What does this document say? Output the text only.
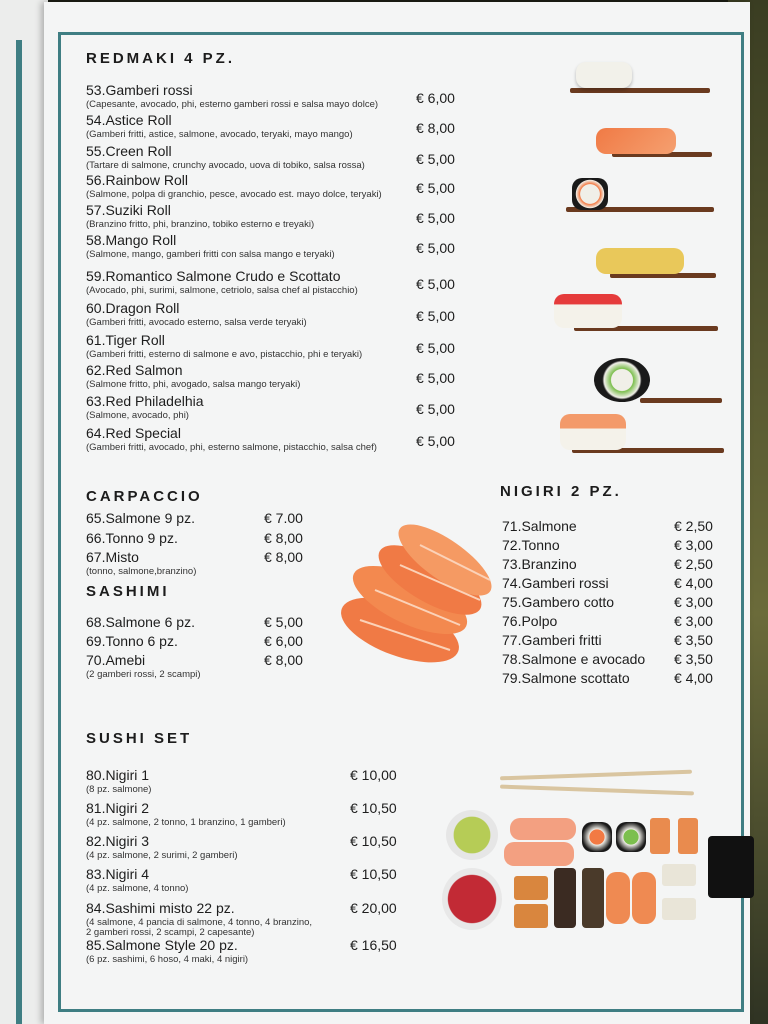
REDMAKI 4 PZ.
53.Gamberi rossi
(Capesante, avocado, phi, esterno gamberi rossi e salsa mayo dolce)	€ 6,00
54.Astice Roll
(Gamberi fritti, astice, salmone, avocado, teryaki, mayo mango)	€ 8,00
55.Creen Roll
(Tartare di salmone, crunchy avocado, uova di tobiko, salsa rossa)	€ 5,00
56.Rainbow Roll
(Salmone, polpa di granchio, pesce, avocado est. mayo dolce, teryaki) € 5,00
57.Suziki Roll
(Branzino fritto, phi, branzino, tobiko esterno e treyaki)	€ 5,00
58.Mango Roll
(Salmone, mango, gamberi fritti con salsa mango e teryaki)	€ 5,00
59.Romantico Salmone Crudo e Scottato
(Avocado, phi, surimi, salmone, cetriolo, salsa chef al pistacchio)	€ 5,00
60.Dragon Roll
(Gamberi fritti, avocado esterno, salsa verde teryaki)	€ 5,00
61.Tiger Roll
(Gamberi fritti, esterno di salmone e avo, pistacchio, phi e teryaki)	€ 5,00
62.Red Salmon
(Salmone fritto, phi, avogado, salsa mango teryaki)	€ 5,00
63.Red Philadelhia
(Salmone, avocado, phi)	€ 5,00
64.Red Special
(Gamberi fritti, avocado, phi, esterno salmone, pistacchio, salsa chef)	€ 5,00
CARPACCIO
65.Salmone 9 pz.	€ 7.00
66.Tonno 9 pz.	€ 8,00
67.Misto
(tonno, salmone,branzino)
€ 8,00
SASHIMI
68.Salmone 6 pz.	€ 5,00
69.Tonno 6 pz.	€ 6,00
70.Amebi
(2 gamberi rossi, 2 scampi)
€ 8,00
NIGIRI 2 PZ.
71.Salmone	€ 2,50
72.Tonno	€ 3,00
73.Branzino	€ 2,50
74.Gamberi rossi	€ 4,00
75.Gambero cotto	€ 3,00
76.Polpo	€ 3,00
77.Gamberi fritti	€ 3,50
78.Salmone e avocado € 3,50
79.Salmone scottato	€ 4,00
SUSHI SET
80.Nigiri 1
(8 pz. salmone)
€ 10,00
81.Nigiri 2
(4 pz. salmone, 2 tonno, 1 branzino, 1 gamberi)
€ 10,50
82.Nigiri 3
(4 pz. salmone, 2 surimi, 2 gamberi)
€ 10,50
83.Nigiri 4
(4 pz. salmone, 4 tonno)
€ 10,50
84.Sashimi misto 22 pz.
(4 salmone, 4 pancia di salmone, 4 tonno, 4 branzino,
2 gamberi rossi, 2 scampi, 2 capesante)
€ 20,00
85.Salmone Style 20 pz.
(6 pz. sashimi, 6 hoso, 4 maki, 4 nigiri)
€ 16,50
